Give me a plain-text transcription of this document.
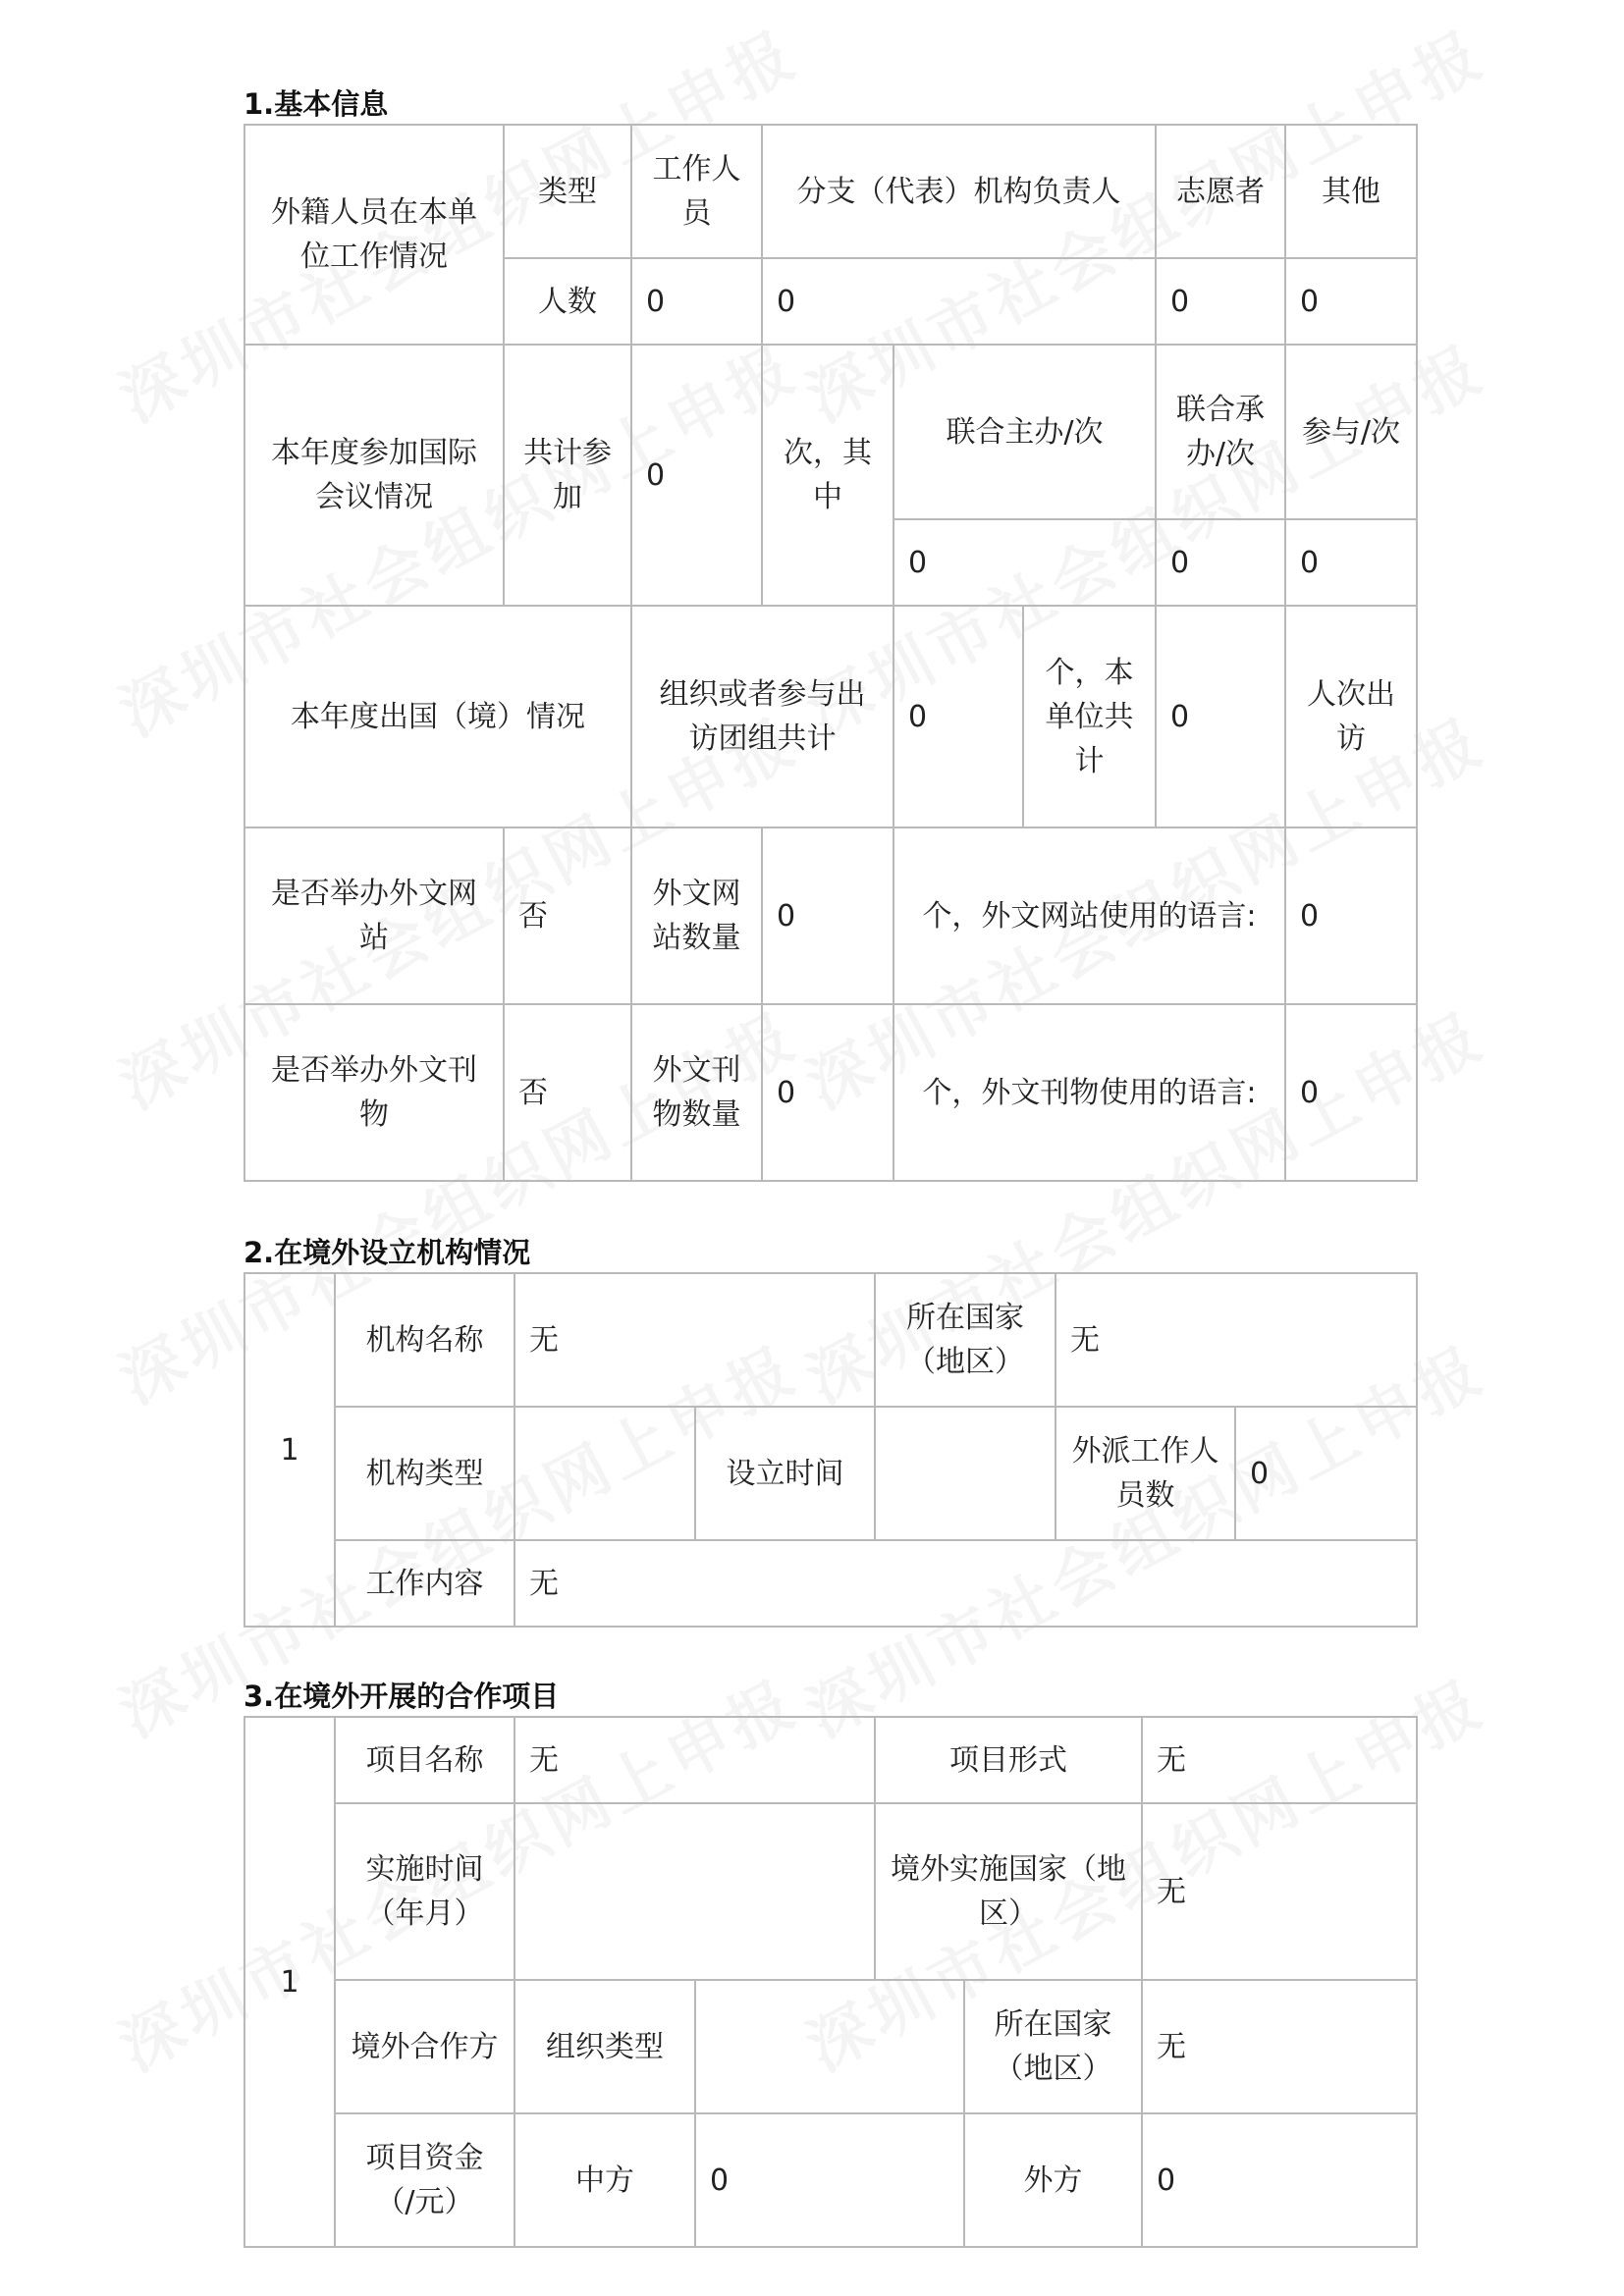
1.基本信息
外籍人员在本单位工作情况	类型	工作人员	分支（代表）机构负责人			志愿者	其他
	人数	0	0			0	0
本年度参加国际会议情况	共计参加	0	次，其中	联合主办/次		联合承办/次	参与/次
				0		0	0
本年度出国（境）情况		组织或者参与出访团组共计		0	个，本单位共计	0	人次出访
是否举办外文网站	否	外文网站数量	0	个，外文网站使用的语言:			0
是否举办外文刊物	否	外文刊物数量	0	个，外文刊物使用的语言:			0
2.在境外设立机构情况
1	机构名称	无		所在国家（地区）	无	
	机构类型		设立时间		外派工作人员数	0
	工作内容	无				
3.在境外开展的合作项目
1	项目名称	无		项目形式		无
	实施时间（年月）			境外实施国家（地区）		无
	境外合作方	组织类型			所在国家（地区）	无
	项目资金（/元）	中方	0		外方	0
